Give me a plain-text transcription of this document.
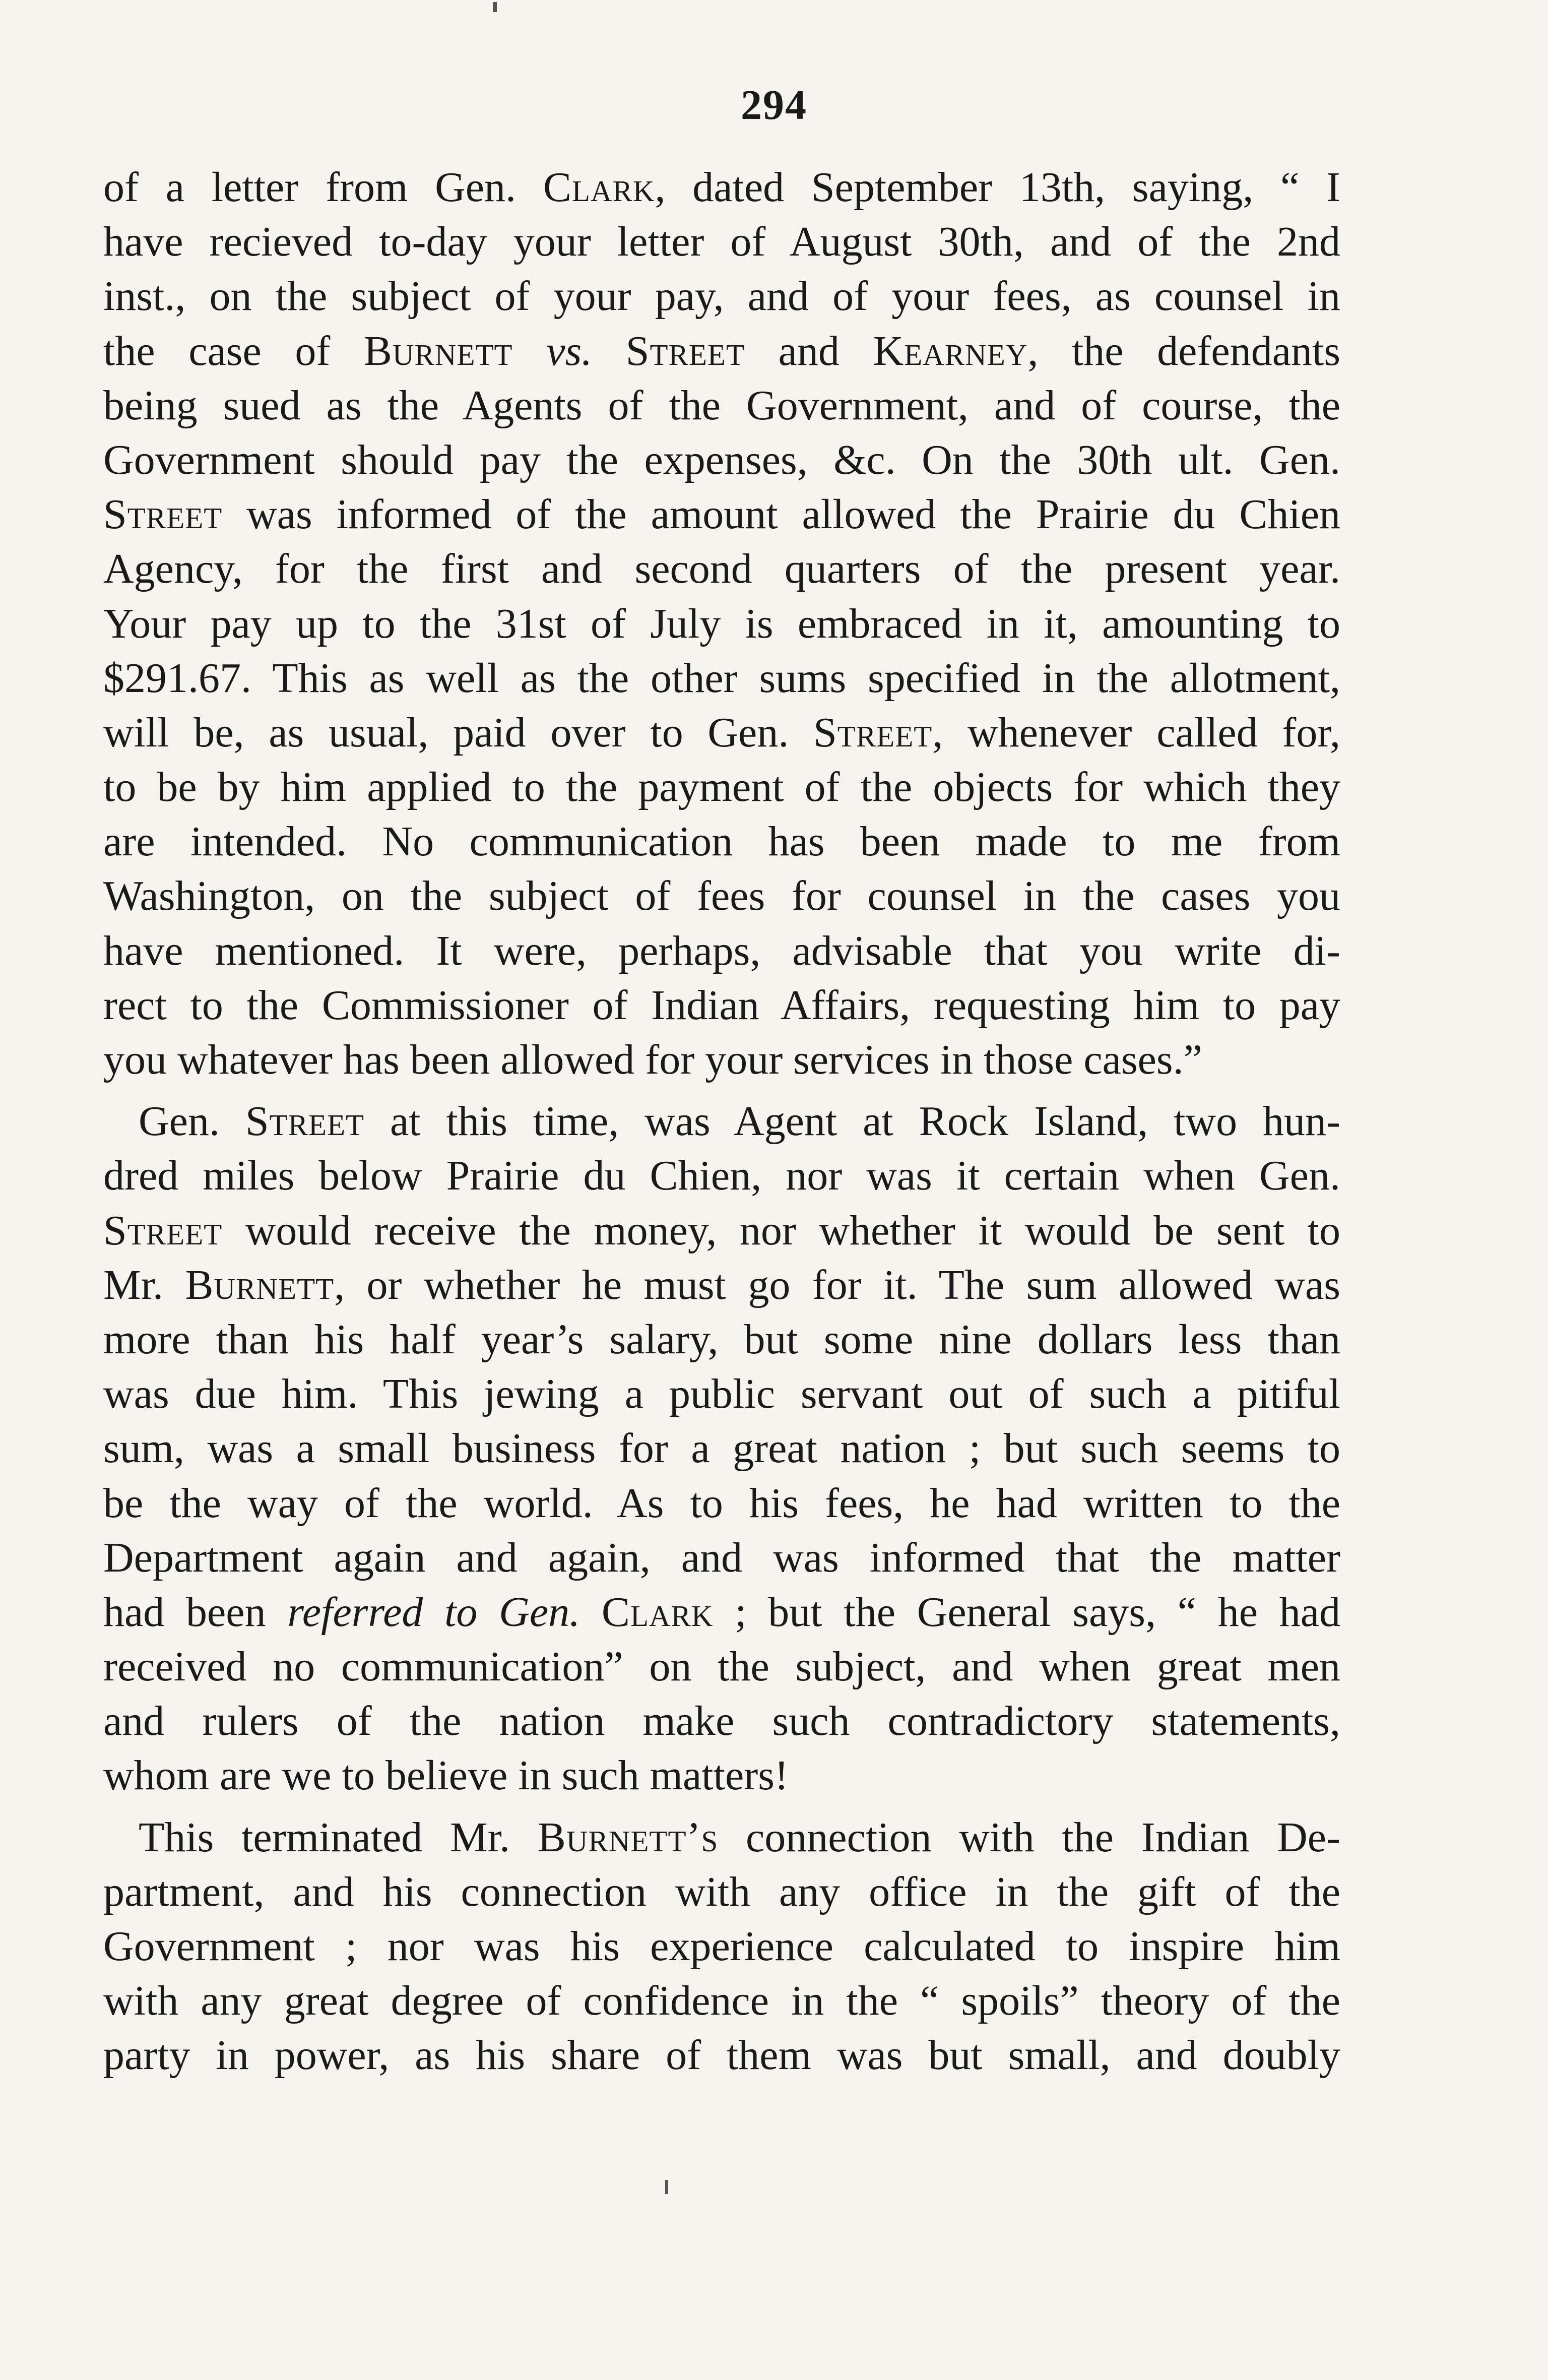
294
of a letter from Gen. Clark, dated September 13th, saying, “ I
have recieved to-day your letter of August 30th, and of the 2nd
inst., on the subject of your pay, and of your fees, as counsel in
the case of Burnett vs. Street and Kearney, the defendants
being sued as the Agents of the Government, and of course, the
Government should pay the expenses, &c. On the 30th ult. Gen.
Street was informed of the amount allowed the Prairie du Chien
Agency, for the first and second quarters of the present year.
Your pay up to the 31st of July is embraced in it, amounting to
$291.67. This as well as the other sums specified in the allotment,
will be, as usual, paid over to Gen. Street, whenever called for,
to be by him applied to the payment of the objects for which they
are intended. No communication has been made to me from
Washington, on the subject of fees for counsel in the cases you
have mentioned. It were, perhaps, advisable that you write di-
rect to the Commissioner of Indian Affairs, requesting him to pay
you whatever has been allowed for your services in those cases.”
Gen. Street at this time, was Agent at Rock Island, two hun-
dred miles below Prairie du Chien, nor was it certain when Gen.
Street would receive the money, nor whether it would be sent to
Mr. Burnett, or whether he must go for it. The sum allowed was
more than his half year’s salary, but some nine dollars less than
was due him. This jewing a public servant out of such a pitiful
sum, was a small business for a great nation ; but such seems to
be the way of the world. As to his fees, he had written to the
Department again and again, and was informed that the matter
had been referred to Gen. Clark ; but the General says, “ he had
received no communication” on the subject, and when great men
and rulers of the nation make such contradictory statements,
whom are we to believe in such matters!
This terminated Mr. Burnett’s connection with the Indian De-
partment, and his connection with any office in the gift of the
Government ; nor was his experience calculated to inspire him
with any great degree of confidence in the “ spoils” theory of the
party in power, as his share of them was but small, and doubly
